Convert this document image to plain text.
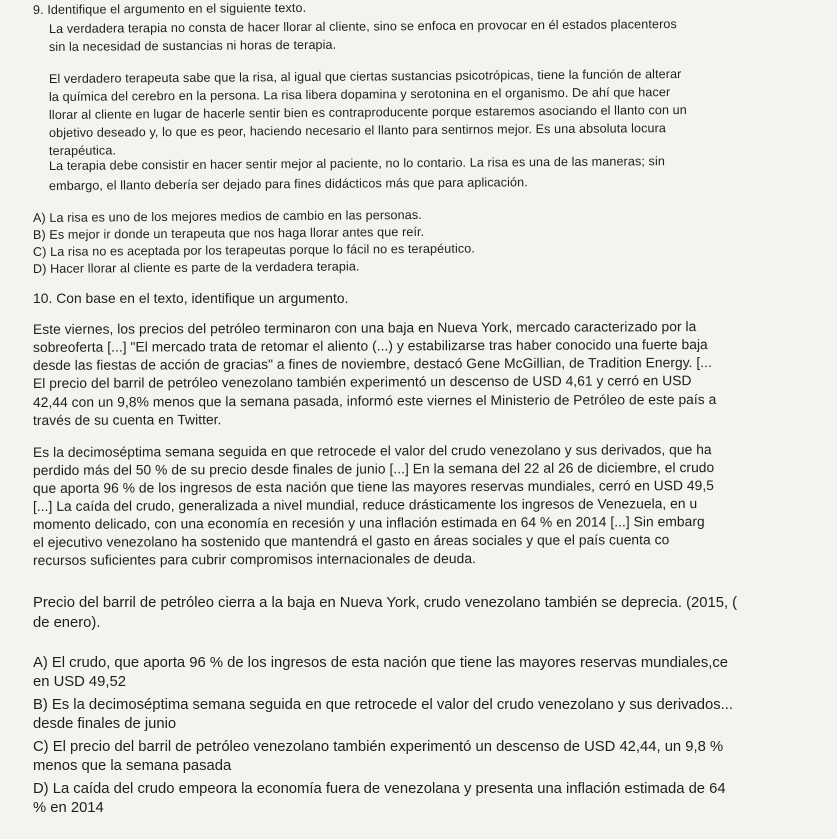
9. Identifique el argumento en el siguiente texto.
La verdadera terapia no consta de hacer llorar al cliente, sino se enfoca en provocar en él estados placenteros
sin la necesidad de sustancias ni horas de terapia.
El verdadero terapeuta sabe que la risa, al igual que ciertas sustancias psicotrópicas, tiene la función de alterar
la química del cerebro en la persona. La risa libera dopamina y serotonina en el organismo. De ahí que hacer
llorar al cliente en lugar de hacerle sentir bien es contraproducente porque estaremos asociando el llanto con un
objetivo deseado y, lo que es peor, haciendo necesario el llanto para sentirnos mejor. Es una absoluta locura
terapéutica.
La terapia debe consistir en hacer sentir mejor al paciente, no lo contario. La risa es una de las maneras; sin
embargo, el llanto debería ser dejado para fines didácticos más que para aplicación.
A) La risa es uno de los mejores medios de cambio en las personas.
B) Es mejor ir donde un terapeuta que nos haga llorar antes que reír.
C) La risa no es aceptada por los terapeutas porque lo fácil no es terapéutico.
D) Hacer llorar al cliente es parte de la verdadera terapia.
10. Con base en el texto, identifique un argumento.
Este viernes, los precios del petróleo terminaron con una baja en Nueva York, mercado caracterizado por la
sobreoferta [...] "El mercado trata de retomar el aliento (...) y estabilizarse tras haber conocido una fuerte baja
desde las fiestas de acción de gracias" a fines de noviembre, destacó Gene McGillian, de Tradition Energy. [...
El precio del barril de petróleo venezolano también experimentó un descenso de USD 4,61 y cerró en USD
42,44 con un 9,8% menos que la semana pasada, informó este viernes el Ministerio de Petróleo de este país a
través de su cuenta en Twitter.
Es la decimoséptima semana seguida en que retrocede el valor del crudo venezolano y sus derivados, que ha
perdido más del 50 % de su precio desde finales de junio [...] En la semana del 22 al 26 de diciembre, el crudo
que aporta 96 % de los ingresos de esta nación que tiene las mayores reservas mundiales, cerró en USD 49,5
[...] La caída del crudo, generalizada a nivel mundial, reduce drásticamente los ingresos de Venezuela, en u
momento delicado, con una economía en recesión y una inflación estimada en 64 % en 2014 [...] Sin embarg
el ejecutivo venezolano ha sostenido que mantendrá el gasto en áreas sociales y que el país cuenta co
recursos suficientes para cubrir compromisos internacionales de deuda.
Precio del barril de petróleo cierra a la baja en Nueva York, crudo venezolano también se deprecia. (2015, (
de enero).
A) El crudo, que aporta 96 % de los ingresos de esta nación que tiene las mayores reservas mundiales,ce
en USD 49,52
B) Es la decimoséptima semana seguida en que retrocede el valor del crudo venezolano y sus derivados...
desde finales de junio
C) El precio del barril de petróleo venezolano también experimentó un descenso de USD 42,44, un 9,8 %
menos que la semana pasada
D) La caída del crudo empeora la economía fuera de venezolana y presenta una inflación estimada de 64
% en 2014
